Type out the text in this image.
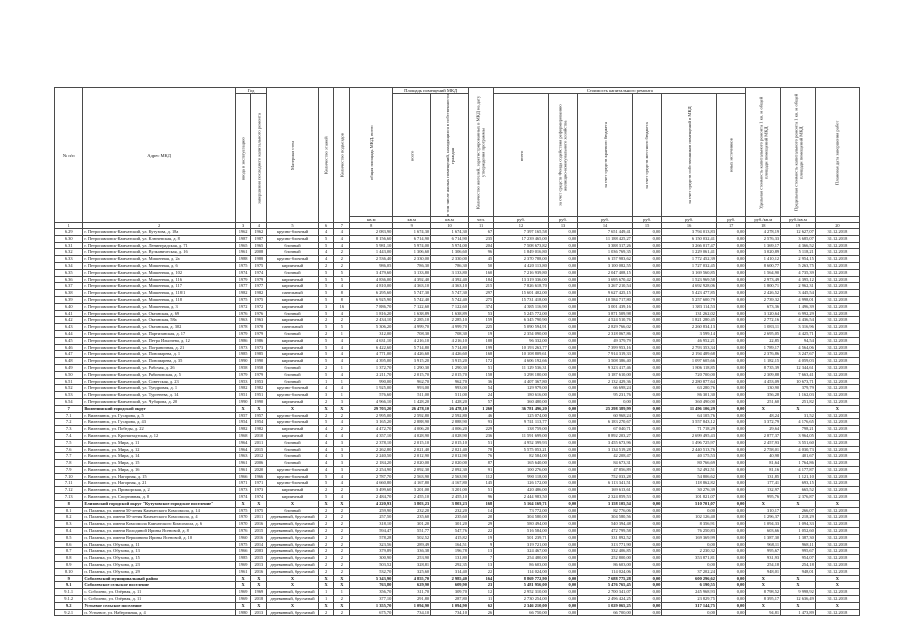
№ п/п	Адрес МКД	Год		Материал стен	Количество этажей	Количество подъездов	общая площадь МКД, всего	Площадь помещений МКД		Количество жителей, зарегистрированных в МКД на дату утверждения программы	Стоимость капитального ремонта						Удельная стоимость капитального ремонта 1 кв. м общей площади помещений МКД	Предельная стоимость капитального ремонта 1 кв. м общей площади помещений МКД	Плановая дата завершения работ
		ввода в эксплуатацию	завершения последнего капитального ремонта					всего	в том числе жилых помещений, находящихся в собственности граждан		всего	за счет средств Фонда содействия реформированию жилищно-коммунального хозяйства	за счет средств краевого бюджета	за счет средств местного бюджета	за счет средств собственников помещений в МКД	иных источников			
							кв.м	кв.м	кв.м	чел.	руб.	руб.	руб.	руб.	руб.	руб.	руб./кв.м	руб./кв.м	
1	2	3	4	5	6	7	8	9	10	11	12	13	14	15	16	17	18	19	20
6.29	г. Петропавловск-Камчатский, ул. Кутузова, д. 18а	1962	1962	крупно-блочный	4	4	2 083,90	1 674,30	1 674,30	67	7 397 165,58	0,00	7 651 449,41	0,00	3 794 013,83	0,00	4 278,19	12 627,07	31.12.2018
6.30	г. Петропавловск-Камчатский, ул. Ключевская, д. 8	1987	1987	крупно-блочный	5	4	8 156,60	6 714,90	6 714,90	235	17 239 465,00	0,00	11 188 425,27	0,00	6 150 032,41	0,00	2 576,33	3 685,07	31.12.2018
6.31	г. Петропавловск-Камчатский, ул. Ленинградская, д. 71	1965	1965	блочный	5	4	5 981,10	5 974,00	5 974,00	204	7 508 673,82	0,00	3 388 317,26	0,00	3 266 017,47	0,00	1 369,17	4 366,52	31.12.2018
6.32	г. Петропавловск-Камчатский, ул. Вулканическая, д. 16	1961	2008	блочный	4	2	1 443,00	1 306,60	1 306,60	96	1 849 016,80	0,00	1 036 769,35	0,00	1 229 061,41	0,00	3 020,89	5 118,21	31.12.2018
6.33	г. Петропавловск-Камчатский, ул. Мишенная, д. 2а	1988	1988	крупно-блочный	4	2	2 536,40	2 330,00	2 330,00	45	2 370 788,00	0,00	6 157 983,62	0,00	1 772 452,39	0,00	1 410,12	2 954,15	31.12.2018
6.34	г. Петропавловск-Камчатский, ул. Мишенная, д. 6	1975	1975	кирпичный	2	2	986,05	786,30	786,30	50	4 420 113,80	0,00	3 100 082,55	0,00	1 727 032,45	0,00	8 600,77	5 263,75	31.12.2018
6.35	г. Петропавловск-Камчатский, ул. Мишенная, д. 102	1974	1974	блочный	5	5	3 479,60	3 133,80	3 133,80	160	7 216 939,80	0,00	2 047 408,15	0,00	3 169 560,85	0,00	1 564,90	4 735,39	31.12.2018
6.36	г. Петропавловск-Камчатский, ул. Мишенная, д. 116	1979	1979	кирпичный	5	5	4 836,00	4 392,40	4 392,40	184	13 319 336,00	0,00	3 695 670,42	0,00	1 523 969,58	0,00	2 973,49	4 395,12	31.12.2018
6.37	г. Петропавловск-Камчатский, ул. Мишенная, д. 117	1977	1977	кирпичный	5	4	4 810,00	4 363,10	4 363,10	215	7 826 618,70	0,00	3 267 210,54	0,00	4 692 928,06	0,00	1 800,71	2 962,31	31.12.2018
6.38	г. Петропавловск-Камчатский, ул. Мишенная, д. 118/1	1982	1982	панельный	5	8	6 295,60	5 747,30	5 747,30	297	15 601 402,00	0,00	9 627 425,15	0,00	5 423 477,85	0,00	2 426,52	3 445,54	31.12.2018
6.39	г. Петропавловск-Камчатский, ул. Мишенная, д. 118	1975	1975	кирпичный	5	8	6 925,90	5 742,40	5 742,40	275	15 731 418,00	0,00	10 584 717,80	0,00	5 257 600,79	0,00	2 739,32	4 998,01	31.12.2018
6.40	г. Петропавловск-Камчатский, ул. Мишенная, д. 3	1972	1972	кирпичный	3	16	7 886,70	7 122,60	7 122,60	374	4 385 116,90	0,00	3 001 439,16	0,00	1 383 114,53	0,00	673,36	1 496,39	31.12.2018
6.41	г. Петропавловск-Камчатский, ул. Океанская, д. 69	1976	1976	блочный	5	4	1 816,20	1 638,89	1 638,89	53	5 245 772,00	0,00	3 871 509,98	0,00	131 262,02	0,00	3 120,64	6 992,29	31.12.2018
6.42	г. Петропавловск-Камчатский, ул. Океанская, 58а	1963	1963	кирпичный	2	2	2 434,10	2 285,10	2 285,10	159	6 345 790,90	0,00	4 524 510,76	0,00	1 821 280,45	0,00	2 772,16	4 436,54	31.12.2018
6.43	г. Петропавловск-Камчатский, ул. Океанская, д. 302	1978	1978	панельный	5	5	5 306,20	4 999,70	4 999,70	225	5 090 594,91	0,00	2 829 766,02	0,00	2 260 834,13	0,00	1 083,11	3 316,96	31.12.2018
6.44	г. Петропавловск-Камчатский, ул. Партизанская, д. 17	1979	1979	блочный	2	1	312,00	708,30	708,30	19	2 354 090,00	0,00	2 318 067,86	0,00	3 599,14	0,00	2 695,05	4 425,71	31.12.2018
6.45	г. Петропавловск-Камчатский, ул. Петра Ильичева, д. 12	1986	1986	кирпичный	5	4	4 631,10	4 216,10	4 216,10	188	96 332,00	0,00	49 379,79	0,00	46 952,21	0,00	22,85	94,54	31.12.2018
6.46	г. Петропавловск-Камчатский, ул. Пограничная, д. 21	1973	1973	кирпичный	5	4	6 422,60	5 714,80	5 714,80	199	10 193 263,77	0,00	7 399 953,16	0,00	2 793 353,34	0,00	1 789,17	4 564,06	31.12.2018
6.47	г. Петропавловск-Камчатский, ул. Пономарева, д. 1	1985	1985	кирпичный	5	4	4 771,00	4 426,60	4 426,60	168	10 108 809,61	0,00	7 914 319,33	0,00	2 194 489,68	0,00	2 376,86	3 247,67	31.12.2018
6.48	г. Петропавловск-Камчатский, ул. Пономарева, д. 35	1990	1990	кирпичный	5	4	4 395,00	3 915,20	3 915,20	172	4 606 192,66	0,00	3 508 386,40	0,00	1 097 605,66	0,00	1 182,15	4 059,03	31.12.2018
6.49	г. Петропавловск-Камчатский, ул. Рабочая, д. 26	1958	1958	блочный	2	1	1 372,70	1 290,30	1 290,30	51	11 129 536,31	0,00	9 323 417,46	0,00	1 806 118,85	0,00	8 735,39	12 344,61	31.12.2018
6.50	г. Петропавловск-Камчатский, ул. Рябиновская, д. 5	1979	1979	блочный	5	4	2 211,70	2 015,70	2 015,70	158	3 298 180,00	0,00	3 187 610,00	0,00	720 700,00	0,00	2 309,88	7 663,41	31.12.2018
6.51	г. Петропавловск-Камчатский, ул. Советская, д. 23	1953	1953	блочный	1	1	990,00	962,70	962,70	36	4 407 367,80	0,00	2 132 429,36	0,00	2 280 877,64	0,00	4 453,09	10 673,71	31.12.2018
6.52	г. Петропавловск-Камчатский, ул. Тундровая, д. 1	1982	1982	крупно-блочный	4	4	1 925,00	993,00	993,00	54	129 979,00	0,00	66 698,24	0,00	63 280,76	0,00	130,90	379,79	31.12.2018
6.53	г. Петропавловск-Камчатский, ул. Тургенева, д. 14	1951	1951	крупно-блочный	3	1	576,60	511,00	511,00	24	180 616,00	0,00	95 231,76	0,00	86 301,30	0,00	356,28	1 162,03	31.12.2018
6.54	г. Петропавловск-Камчатский, ул. Чубарова, д. 20	1990	1990	кирпичный	2	3	4 966,10	1 428,20	1 428,20	57	360 480,00	0,00	0,00	0,00	360 490,00	0,00	251,60	251,82	31.12.2018
7	Вилючинский городской округ	X	X	X	X	X	29 703,20	26 478,10	26 478,10	1 260	36 781 496,20	0,00	25 298 389,99	0,00	11 496 106,29	0,00	X	X	X
7.1	г. Вилючинск, ул. Гусарова, д. 5	1957	1957	крупно-блочный	2	2	2 995,00	2 592,80	2 592,80	46	125 074,00	0,00	60 968,24	0,00	64 105,76	0,00	48,24	31,52	31.12.2018
7.2	г. Вилючинск, ул. Гусарова, д. 43	1954	1954	крупно-блочный	5	4	3 165,20	2 888,90	2 888,90	93	9 741 113,77	0,00	6 183 270,67	0,00	3 557 843,12	0,00	3 372,79	4 176,65	31.12.2018
7.3	г. Вилючинск, ул. Победы, д. 22	1982	1982	кирпичный	4	2	4 472,70	4 006,20	4 006,20	229	138 759,00	0,00	67 040,71	0,00	71 718,29	0,00	29,64	798,21	31.12.2018
7.4	г. Вилючинск, ул. Кронштадтская, д. 12	1968	2010	кирпичный	4	4	4 357,10	4 028,90	4 028,90	236	11 591 699,00	0,00	8 892 203,27	0,00	2 699 495,43	0,00	2 877,37	3 964,05	31.12.2018
7.5	г. Вилючинск, ул. Мира, д. 11	1964	2011	блочный	4	3	2 378,10	2 015,10	2 015,10	51	4 952 399,93	0,00	3 455 673,96	0,00	1 496 725,97	0,00	2 457,93	3 551,60	31.12.2018
7.6	г. Вилючинск, ул. Мира, д. 12	1964	2015	блочный	4	3	2 262,80	2 021,40	2 021,40	78	5 575 053,21	0,00	3 134 519,28	0,00	2 440 513,76	0,00	2 758,01	4 030,73	31.12.2018
7.7	г. Вилючинск, ул. Мира, д. 14	1963	2012	блочный	4	3	2 240,50	2 012,90	2 012,90	76	82 584,00	0,00	42 208,47	0,00	40 175,53	0,00	40,98	401,67	31.12.2018
7.8	г. Вилючинск, ул. Мира, д. 15	1961	2006	блочный	4	3	2 184,20	2 020,00	2 020,00	87	165 640,00	0,00	84 673,31	0,00	80 766,69	0,00	81,64	1 764,86	31.12.2018
7.9	г. Вилючинск, ул. Мира, д. 16	1961	2020	крупно-блочный	4	3	2 254,90	2 092,30	2 092,30	91	100 276,00	0,00	47 856,89	0,00	52 492,51	0,00	81,16	4 177,87	31.12.2018
7.10	г. Вилючинск, ул. Нагорная, д. 15	1966	1966	крупно-блочный	5	4	2 787,70	2 563,90	2 563,90	112	990 118,00	0,00	752 033,28	0,00	54 806,62	0,00	131,85	1 121,10	31.12.2018
7.11	г. Вилючинск, ул. Нагорная, д. 21	1971	1971	крупно-блочный	5	4	4 660,80	4 167,80	4 167,80	145	126 172,00	0,00	6 113 341,51	0,00	118 862,82	0,00	177,41	693,15	31.12.2018
7.12	г. Вилючинск, ул. Приморская, д. 2	1973	1973	кирпичный	2	2	3 499,60	3 201,00	3 201,00	51	420 486,00	0,00	169 613,61	0,00	30 276,39	0,00	132,97	665,52	31.12.2018
7.13	г. Вилючинск, ул. Спортивная, д. 8	1974	1974	кирпичный	5	4	2 484,70	2 455,10	2 455,10	96	2 444 983,50	0,00	2 324 859,53	0,00	101 821,07	0,00	995,76	2 376,87	31.12.2018
8	Елизовский городской округ "Кутузовское городское поселение"	X	X	X	X	X	4 220,93	3 803,23	3 803,23	168	5 164 169,71	0,00	3 158 105,54	0,00	510 701,07	0,00	X	X	X
8.1	п. Паланка, ул. имени 50-летия Камчатского Комсомола, д. 14	1975	1975	блочный	2	2	259,90	232,20	232,20	14	73 772,00	0,00	82 776,06	0,00	0,00	0,00	310,17	266,07	31.12.2018
8.2	п. Паланка, ул. имени 50-летия Камчатского Комсомола, д. 4	1970	2011	деревянный, брусчатый	2	2	257,50	235,60	235,60	20	304 580,00	0,00	304 580,56	0,00	102 126,40	0,00	1 296,37	1 218,29	31.12.2018
8.3	п. Паланка, ул. имени Комсомола Камчатского Комсомола, д. 6	1970	2016	деревянный, брусчатый	2	2	318,10	301,20	301,20	29	580 494,00	0,00	540 394,48	0,00	8 356,91	0,00	1 094,33	1 094,33	31.12.2018
8.4	п. Паланка, ул. имени Володиной Ирины Ясеновой, д. 8	1976	2015	деревянный, брусчатый	2	2	594,47	551,77	547,76	22	516 584,00	0,00	472 799,58	0,00	76 250,83	0,00	603,66	1 052,60	31.12.2018
8.5	п. Паланка, ул. имени Вершинина Ирины Ясеновой, д. 10	1960	2016	деревянный, брусчатый	2	2	578,28	502,52	415,82	19	501 239,71	0,00	331 892,52	0,00	169 369,99	0,00	1 387,30	1 387,30	31.12.2018
8.6	п. Паланка, ул. Обухова, д. 11	1975	2014	деревянный, брусчатый	2	2	323,56	289,49	164,51	9	319 721,00	0,00	313 771,90	0,00	0,00	0,00	968,11	968,11	31.12.2018
8.7	п. Паланка, ул. Обухова, д. 13	1966	2003	деревянный, брусчатый	2	2	379,89	336,38	196,78	13	324 467,00	0,00	332 406,85	0,00	2 230,32	0,00	995,67	995,67	31.12.2018
8.8	п. Паланка, ул. Обухова, д. 15	1985	2015	деревянный, брусчатый	2	2	300,90	253,90	131,80	7	254 480,00	0,00	252 800,00	0,00	353 871,81	0,00	931,93	954,07	31.12.2018
8.9	п. Паланка, ул. Обухова, д. 23	1969	2013	деревянный, брусчатый	2	2	503,52	328,81	292,35	13	86 603,00	0,00	86 603,00	0,00	0,00	0,00	254,18	254,18	31.12.2018
8.10	п. Паланка, ул. Обухова, д. 29	1961	2016	деревянный, брусчатый	2	2	532,70	325,60	314,40	22	114 024,00	0,00	114 024,06	0,00	37 202,24	0,00	948,01	948,01	31.12.2018
9	Соболевский муниципальный район	X	X	X	X	X	5 343,90	4 855,70	2 985,40	164	8 869 772,90	0,00	7 688 775,28	0,00	600 296,62	0,00	X	X	X
9.1	Соболевское сельское поселение	X	X	X	X	X	763,80	629,90	609,90	23	5 481 956,00	0,00	5 476 765,45	0,00	6 190,55	0,00	X	X	X
9.1.1	с. Соболево, ул. Озёрная, д. 11	1969	1969	деревянный, брусчатый	1	1	356,70	311,70	309,70	12	2 952 310,00	0,00	2 700 341,07	0,00	245 968,93	0,00	8 798,52	9 998,92	31.12.2018
9.1.2	с. Соболево, ул. Озёрная, д. 11	1969	2018	деревянный, брусчатый	1	2	377,10	291,80	287,80	11	2 730 254,00	0,00	2 496 424,25	0,00	23 829,75	0,00	8 395,17	12 636,49	31.12.2018
9.2	Устьевое сельское поселение	X	X	X	X	X	1 355,70	1 094,90	1 094,90	62	2 346 210,00	0,00	1 029 065,25	0,00	317 144,75	0,00	X	X	X
9.2.1	п. Устьевое, ул. Набережная, д. 4	1980	2013	деревянный, брусчатый	2	2	675,70	734,10	734,10	26	66 750,00	0,00	66 700,00	0,00	0,00	0,00	94,81	1 473,89	31.12.2018
